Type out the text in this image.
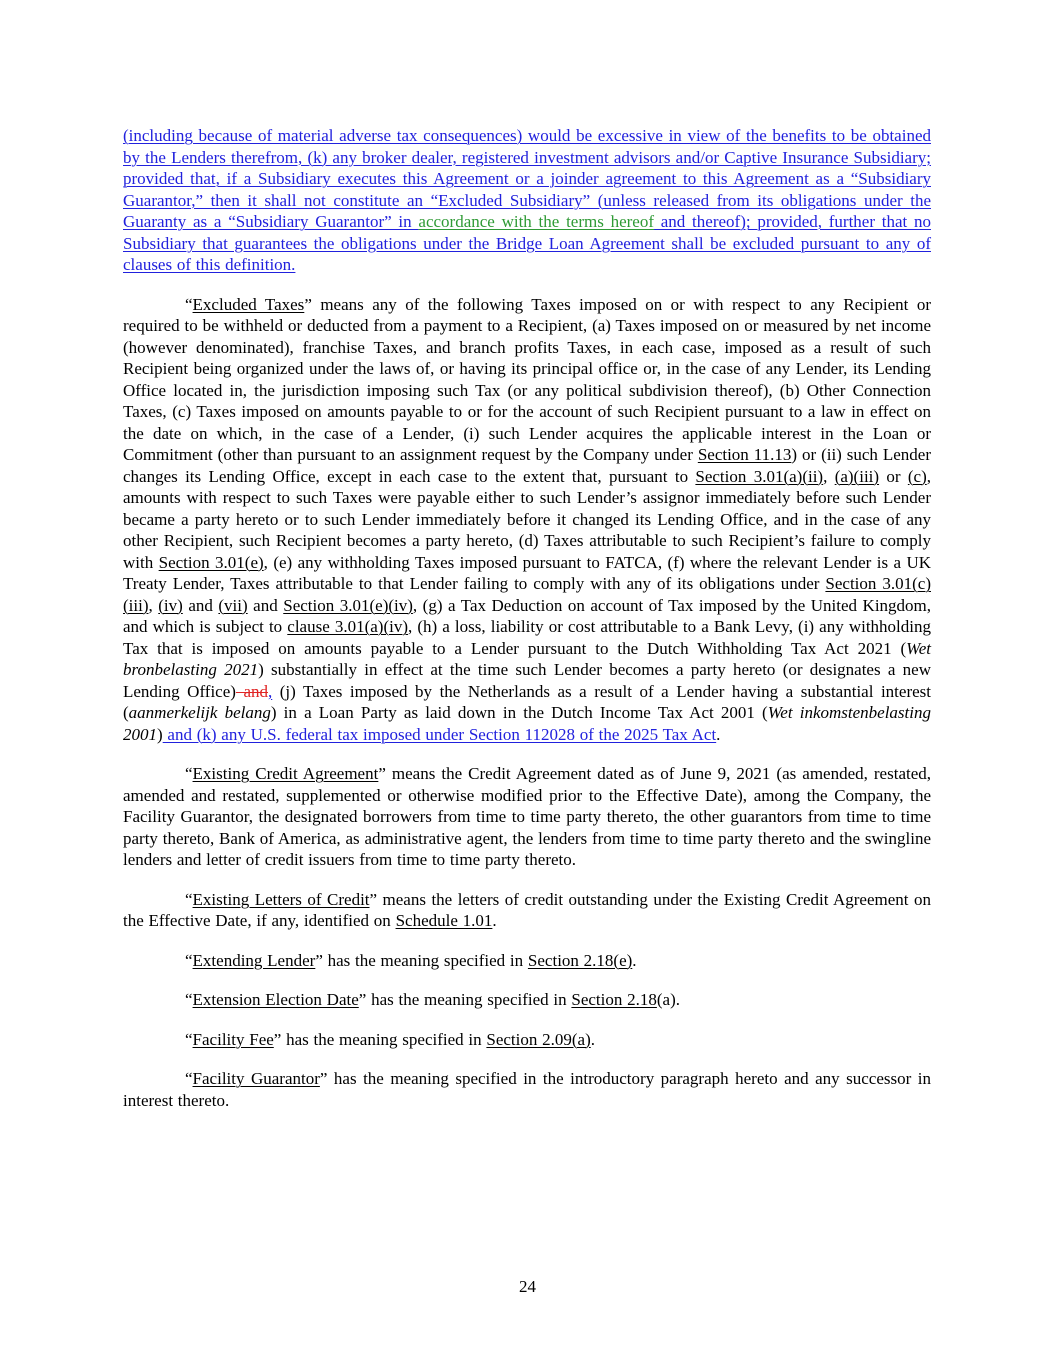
(including because of material adverse tax consequences) would be excessive in view of the benefits to be obtained by the Lenders therefrom, (k) any broker dealer, registered investment advisors and/or Captive Insurance Subsidiary; provided that, if a Subsidiary executes this Agreement or a joinder agreement to this Agreement as a “Subsidiary Guarantor,” then it shall not constitute an “Excluded Subsidiary” (unless released from its obligations under the Guaranty as a “Subsidiary Guarantor” in accordance with the terms hereof and thereof); provided, further that no Subsidiary that guarantees the obligations under the Bridge Loan Agreement shall be excluded pursuant to any of clauses of this definition.

“Excluded Taxes” means any of the following Taxes imposed on or with respect to any Recipient or required to be withheld or deducted from a payment to a Recipient, (a) Taxes imposed on or measured by net income (however denominated), franchise Taxes, and branch profits Taxes, in each case, imposed as a result of such Recipient being organized under the laws of, or having its principal office or, in the case of any Lender, its Lending Office located in, the jurisdiction imposing such Tax (or any political subdivision thereof), (b) Other Connection Taxes, (c) Taxes imposed on amounts payable to or for the account of such Recipient pursuant to a law in effect on the date on which, in the case of a Lender, (i) such Lender acquires the applicable interest in the Loan or Commitment (other than pursuant to an assignment request by the Company under Section 11.13) or (ii) such Lender changes its Lending Office, except in each case to the extent that, pursuant to Section 3.01(a)(ii), (a)(iii) or (c), amounts with respect to such Taxes were payable either to such Lender’s assignor immediately before such Lender became a party hereto or to such Lender immediately before it changed its Lending Office, and in the case of any other Recipient, such Recipient becomes a party hereto, (d) Taxes attributable to such Recipient’s failure to comply with Section 3.01(e), (e) any withholding Taxes imposed pursuant to FATCA, (f) where the relevant Lender is a UK Treaty Lender, Taxes attributable to that Lender failing to comply with any of its obligations under Section 3.01(c)(iii), (iv) and (vii) and Section 3.01(e)(iv), (g) a Tax Deduction on account of Tax imposed by the United Kingdom, and which is subject to clause 3.01(a)(iv), (h) a loss, liability or cost attributable to a Bank Levy, (i) any withholding Tax that is imposed on amounts payable to a Lender pursuant to the Dutch Withholding Tax Act 2021 (Wet bronbelasting 2021) substantially in effect at the time such Lender becomes a party hereto (or designates a new Lending Office) and, (j) Taxes imposed by the Netherlands as a result of a Lender having a substantial interest (aanmerkelijk belang) in a Loan Party as laid down in the Dutch Income Tax Act 2001 (Wet inkomstenbelasting 2001) and (k) any U.S. federal tax imposed under Section 112028 of the 2025 Tax Act.

“Existing Credit Agreement” means the Credit Agreement dated as of June 9, 2021 (as amended, restated, amended and restated, supplemented or otherwise modified prior to the Effective Date), among the Company, the Facility Guarantor, the designated borrowers from time to time party thereto, the other guarantors from time to time party thereto, Bank of America, as administrative agent, the lenders from time to time party thereto and the swingline lenders and letter of credit issuers from time to time party thereto.

“Existing Letters of Credit” means the letters of credit outstanding under the Existing Credit Agreement on the Effective Date, if any, identified on Schedule 1.01.

“Extending Lender” has the meaning specified in Section 2.18(e).

“Extension Election Date” has the meaning specified in Section 2.18(a).

“Facility Fee” has the meaning specified in Section 2.09(a).

“Facility Guarantor” has the meaning specified in the introductory paragraph hereto and any successor in interest thereto.

24
